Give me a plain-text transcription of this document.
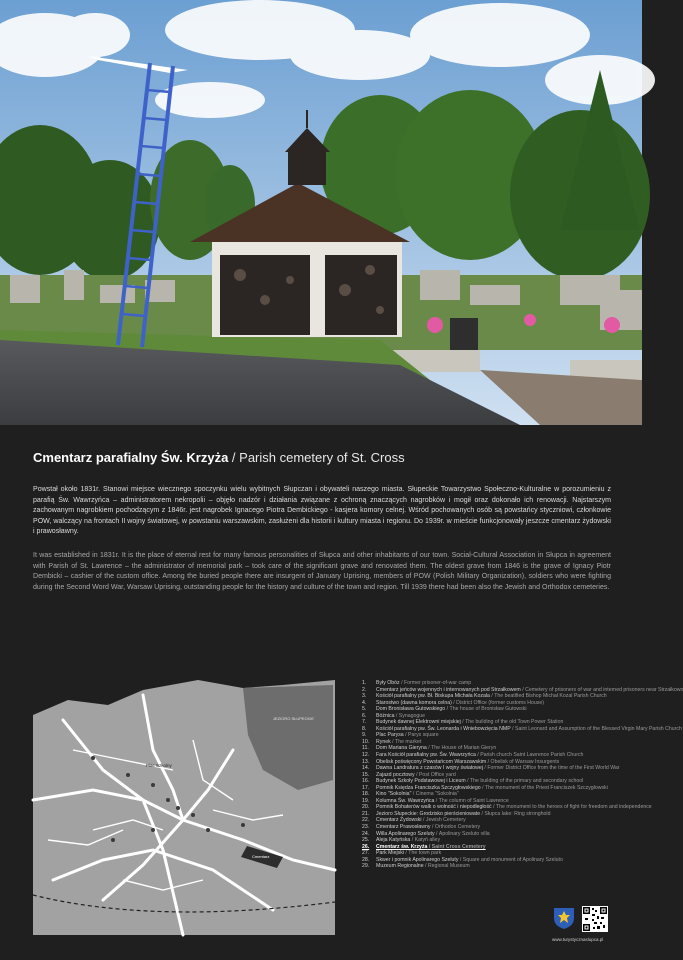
Cmentarz parafialny Św. Krzyża / Parish cemetery of St. Cross

Powstał około 1831r. Stanowi miejsce wiecznego spoczynku wielu wybitnych Słupczan i obywateli naszego miasta. Słupeckie Towarzystwo Społeczno-Kulturalne w porozumieniu z parafią Św. Wawrzyńca – administratorem nekropolii – objęło nadzór i działania związane z ochroną znaczących nagrobków i mogił oraz dokonało ich renowacji. Najstarszym zachowanym nagrobkiem pochodzącym z 1846r. jest nagrobek Ignacego Piotra Dembickiego - kasjera komory celnej. Wśród pochowanych osób są powstańcy styczniowi, członkowie POW, walczący na frontach II wojny światowej, w powstaniu warszawskim, zasłużeni dla historii i kultury miasta i regionu. Do 1939r. w mieście funkcjonowały jeszcze cmentarz żydowski i prawosławny.

It was established in 1831r. It is the place of eternal rest for many famous personalities of Słupca and other inhabitants of our town. Social-Cultural Association in Słupca in agreement with Parish of St. Lawrence – the administrator of memorial park – took care of the significant grave and renovated them. The oldest grave from 1846 is the grave of Ignacy Piotr Dembicki – cashier of the custom office. Among the buried people there are insurgent of January Uprising, members of POW (Polish Military Organization), soldiers who were fighting during the Second Word War, Warsaw Uprising, outstanding people for the history and culture of the town and region. Till 1939 there had been also the Jewish and Orthodox cemeteries.

JEZIORO SŁUPECKIE
Plac Szkolny
Cmentarz
1.	Były Obóz / Former prisoner-of-war camp
2.	Cmentarz jeńców wojennych i internowanych pod Strzałkowem / Cemetery of prisoners of war and interned prisoners near Strzałkowo
3.	Kościół parafialny pw. Bł. Biskupa Michała Kozala / The beatified Bishop Michał Kozal Parish Church
4.	Starostwo (dawna komora celna) / District Office (former customs House)
5.	Dom Bronisława Gutowskiego / The house of Bronisław Gutowski
6.	Bóżnica / Synagogue
7.	Budynek dawnej Elektrowni miejskiej / The building of the old Town Power Station
8.	Kościół parafialny pw. Św. Leonarda i Wniebowzięcia NMP / Saint Leonard and Assumption of the Blessed Virgin Mary Parish Church
9.	Plac Parysa / Parys square
10.	Rynek / The market
11.	Dom Mariana Gieryna / The House of Marian Gieryn
12.	Fara Kościół parafialny pw. Św. Wawrzyńca / Parish church Saint Lawrence Parish Church
13.	Obelisk poświęcony Powstańcom Warszawskim / Obelisk of Warsaw Insurgents
14.	Dawna Landratura z czasów I wojny światowej / Former District Office from the time of the First World War
15.	Zajazd pocztowy / Post Office yard
16.	Budynek Szkoły Podstawowej i Liceum / The building of the primary and secondary school
17.	Pomnik Księdza Franciszka Szczygłowskiego / The monument of the Priest Franciszek Szczygłowski
18.	Kino "Sokolnia" / Cinema "Sokolnia"
19.	Kolumna Św. Wawrzyńca / The column of Saint Lawrence
20.	Pomnik Bohaterów walk o wolność i niepodległość / The monument to the heroes of fight for freedom and independence
21.	Jezioro Słupeckie: Grodzisko pierścieniowate / Słupca lake: Ring stronghold
22.	Cmentarz Żydowski / Jewish Cemetery
23.	Cmentarz Prawosławny / Orthodox Cemetery
24.	Willa Apolinarego Szeluty / Apolinary Szeluto villa
25.	Aleja Katyńska / Katyń alley
26.	Cmentarz św. Krzyża / Saint Cross Cemetery
27.	Park Miejski / The town park
28.	Skwer i pomnik Apolinarego Szeluty / Square and monument of Apolinary Szeluto
29.	Muzeum Regionalne / Regional Museum
www.turystycznaslupca.pl
